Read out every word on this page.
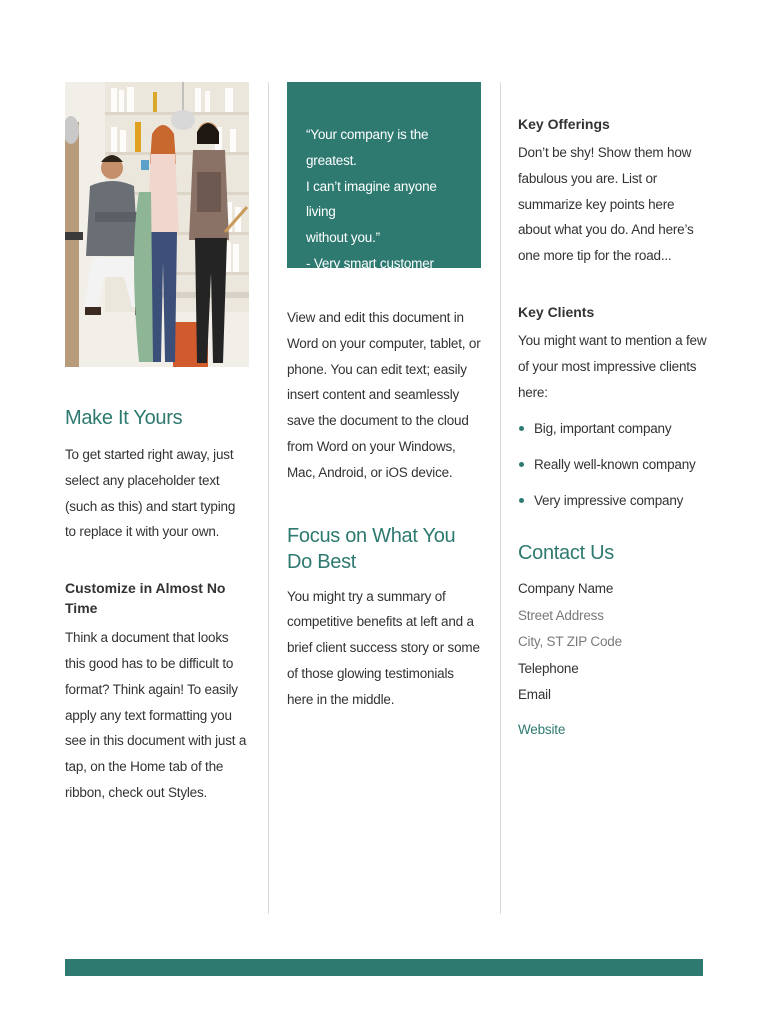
Make It Yours

To get started right away, just select any placeholder text (such as this) and start typing to replace it with your own.

Customize in Almost No Time

Think a document that looks this good has to be difficult to format? Think again! To easily apply any text formatting you see in this document with just a tap, on the Home tab of the ribbon, check out Styles.

“Your company is the greatest.
I can’t imagine anyone living
without you.”
- Very smart customer

View and edit this document in Word on your computer, tablet, or phone. You can edit text; easily insert content and seamlessly save the document to the cloud from Word on your Windows, Mac, Android, or iOS device.

Focus on What You Do Best

You might try a summary of competitive benefits at left and a brief client success story or some of those glowing testimonials here in the middle.

Key Offerings

Don’t be shy! Show them how fabulous you are. List or summarize key points here about what you do. And here’s one more tip for the road...

Key Clients

You might want to mention a few of your most impressive clients here:

Big, important company
Really well-known company
Very impressive company
Contact Us
Company Name
Street Address
City, ST ZIP Code
Telephone
Email
Website
